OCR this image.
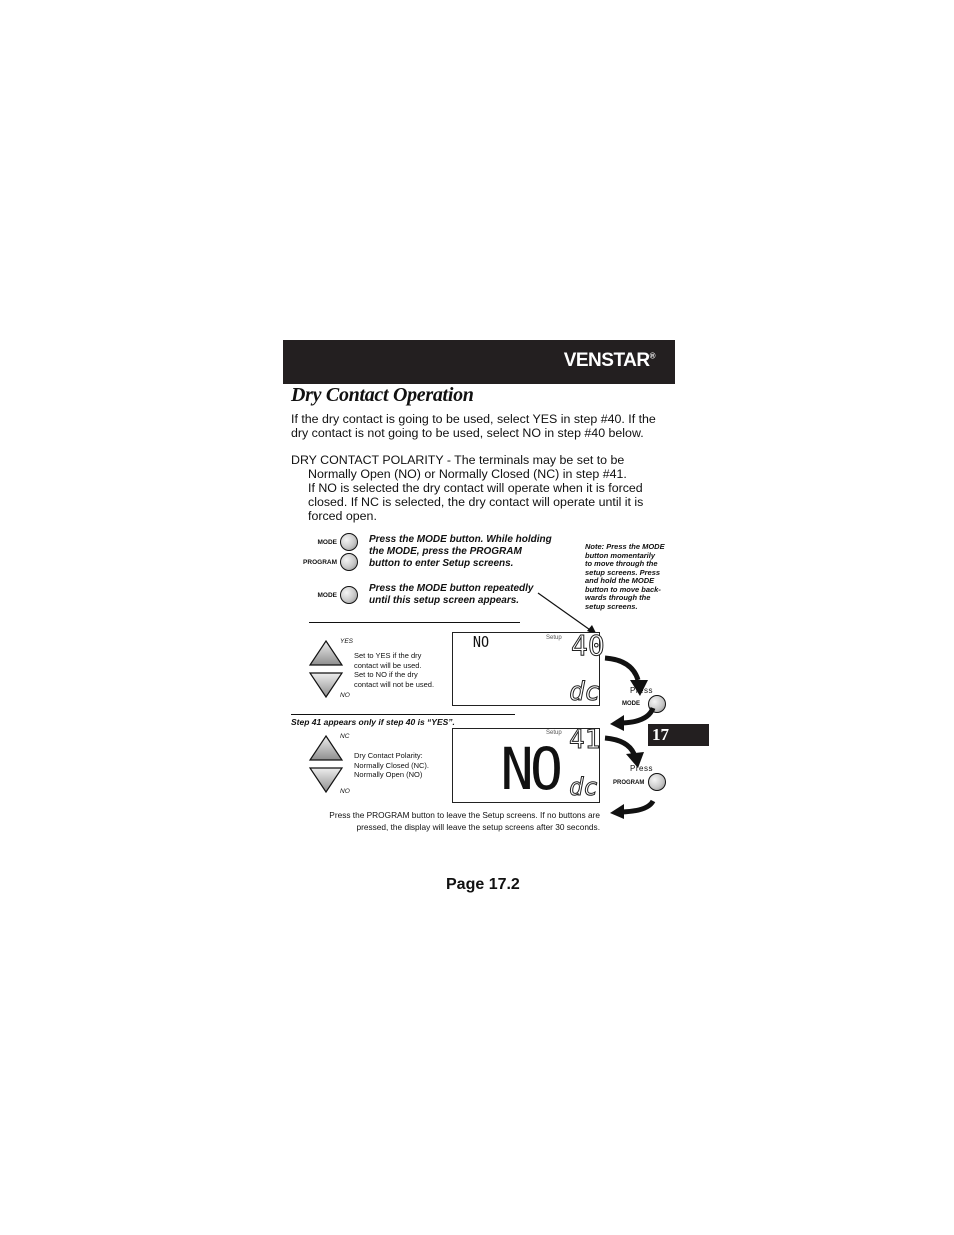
VENSTAR®
Dry Contact Operation
If the dry contact is going to be used, select YES in step #40. If the
dry contact is not going to be used, select NO in step #40 below.
DRY CONTACT POLARITY - The terminals may be set to be
Normally Open (NO) or Normally Closed (NC) in step #41.
If NO is selected the dry contact will operate when it is forced
closed. If NC is selected, the dry contact will operate until it is
forced open.
MODE
PROGRAM
MODE
Press the MODE button. While holding
the MODE, press the PROGRAM
button to enter Setup screens.
Press the MODE button repeatedly
until this setup screen appears.
Note: Press the MODE
button momentarily
to move through the
setup screens. Press
and hold the MODE
button to move back-
wards through the
setup screens.
YES
NO
Set to YES if the dry
contact will be used.
Set to NO if the dry
contact will not be used.
NO	Setup 40
dc	Press
MODE
Step 41 appears only if step 40 is “YES”.
17
NC
NO
Dry Contact Polarity:
Normally Closed (NC).
Normally Open (NO) NO
Setup 41
dc
Press
PROGRAM
Press the PROGRAM button to leave the Setup screens. If no buttons are
pressed, the display will leave the setup screens after 30 seconds.
Page 17.2
